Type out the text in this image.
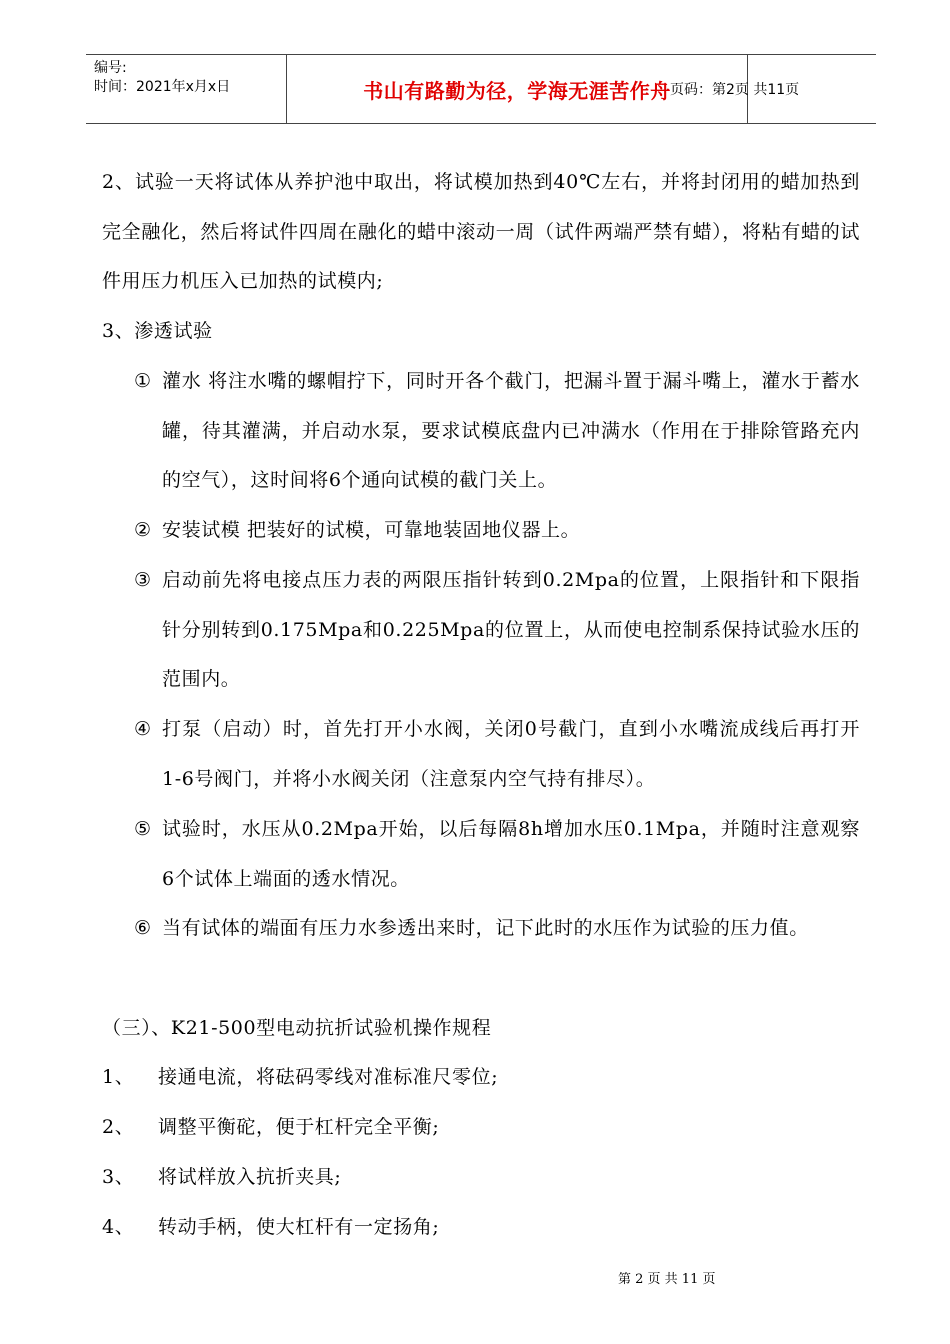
编号:
时间：2021年x月x日	书山有路勤为径，学海无涯苦作舟 页码：第2页 共11页
2、试验一天将试体从养护池中取出，将试模加热到40℃左右，并将封闭用的蜡加热到完全融化，然后将试件四周在融化的蜡中滚动一周（试件两端严禁有蜡），将粘有蜡的试件用压力机压入已加热的试模内;
3、渗透试验
① 灌水 将注水嘴的螺帽拧下，同时开各个截门，把漏斗置于漏斗嘴上，灌水于蓄水罐，待其灌满，并启动水泵，要求试模底盘内已冲满水（作用在于排除管路充内的空气），这时间将6个通向试模的截门关上。
② 安装试模 把装好的试模，可靠地装固地仪器上。
③ 启动前先将电接点压力表的两限压指针转到0.2Mpa的位置，上限指针和下限指针分别转到0.175Mpa和0.225Mpa的位置上，从而使电控制系保持试验水压的范围内。
④ 打泵（启动）时，首先打开小水阀，关闭0号截门，直到小水嘴流成线后再打开1-6号阀门，并将小水阀关闭（注意泵内空气持有排尽）。
⑤ 试验时，水压从0.2Mpa开始，以后每隔8h增加水压0.1Mpa，并随时注意观察6个试体上端面的透水情况。
⑥ 当有试体的端面有压力水参透出来时，记下此时的水压作为试验的压力值。
（三）、K21-500型电动抗折试验机操作规程
1、 接通电流，将砝码零线对准标准尺零位;
2、 调整平衡砣，便于杠杆完全平衡;
3、 将试样放入抗折夹具;
4、 转动手柄，使大杠杆有一定扬角;
第 2 页 共 11 页
